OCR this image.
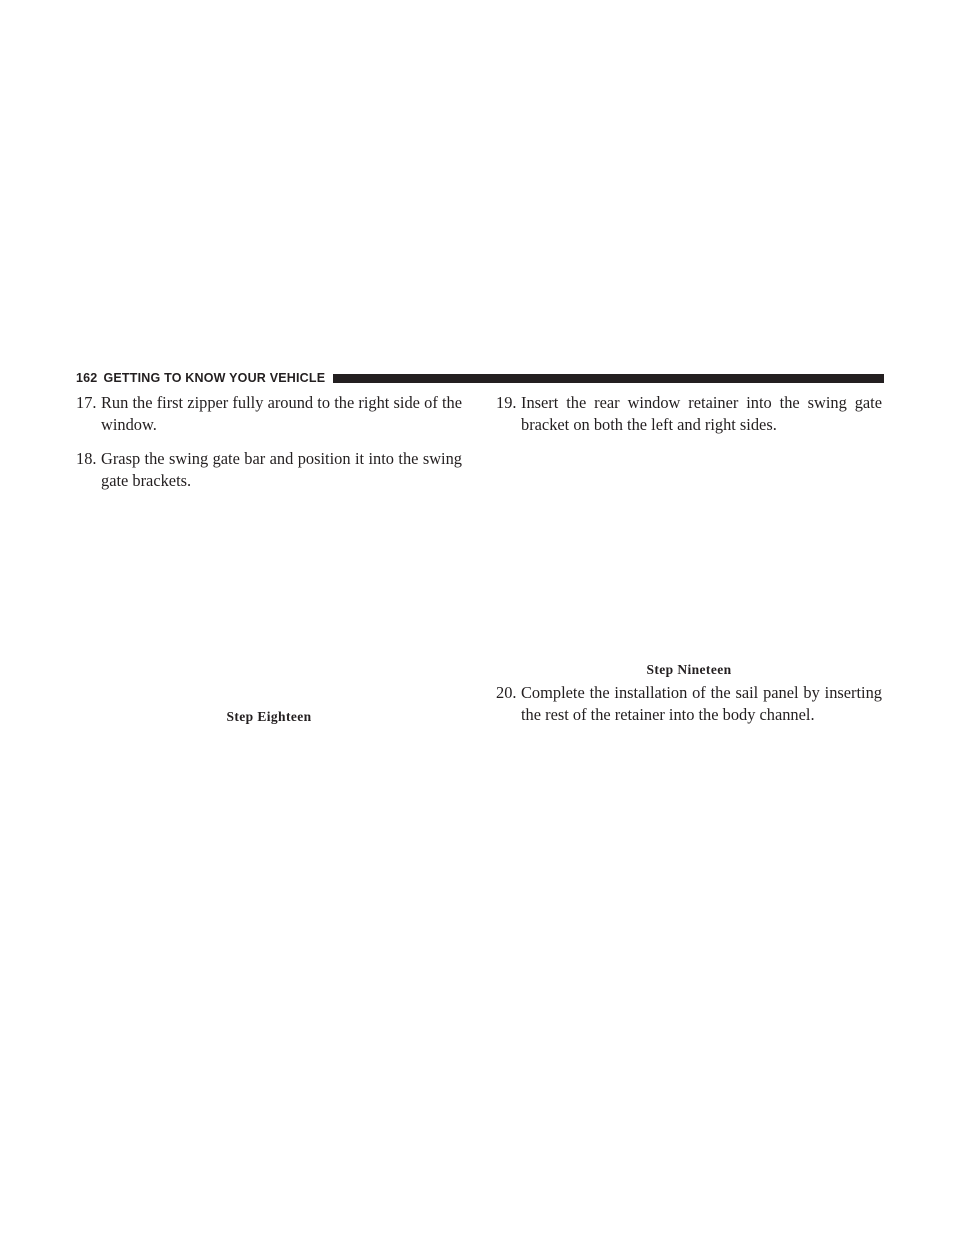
162 GETTING TO KNOW YOUR VEHICLE
17. Run the first zipper fully around to the right side of the window.
18. Grasp the swing gate bar and position it into the swing gate brackets.
Step Eighteen
19. Insert the rear window retainer into the swing gate bracket on both the left and right sides.
Step Nineteen
20. Complete the installation of the sail panel by inserting the rest of the retainer into the body channel.
